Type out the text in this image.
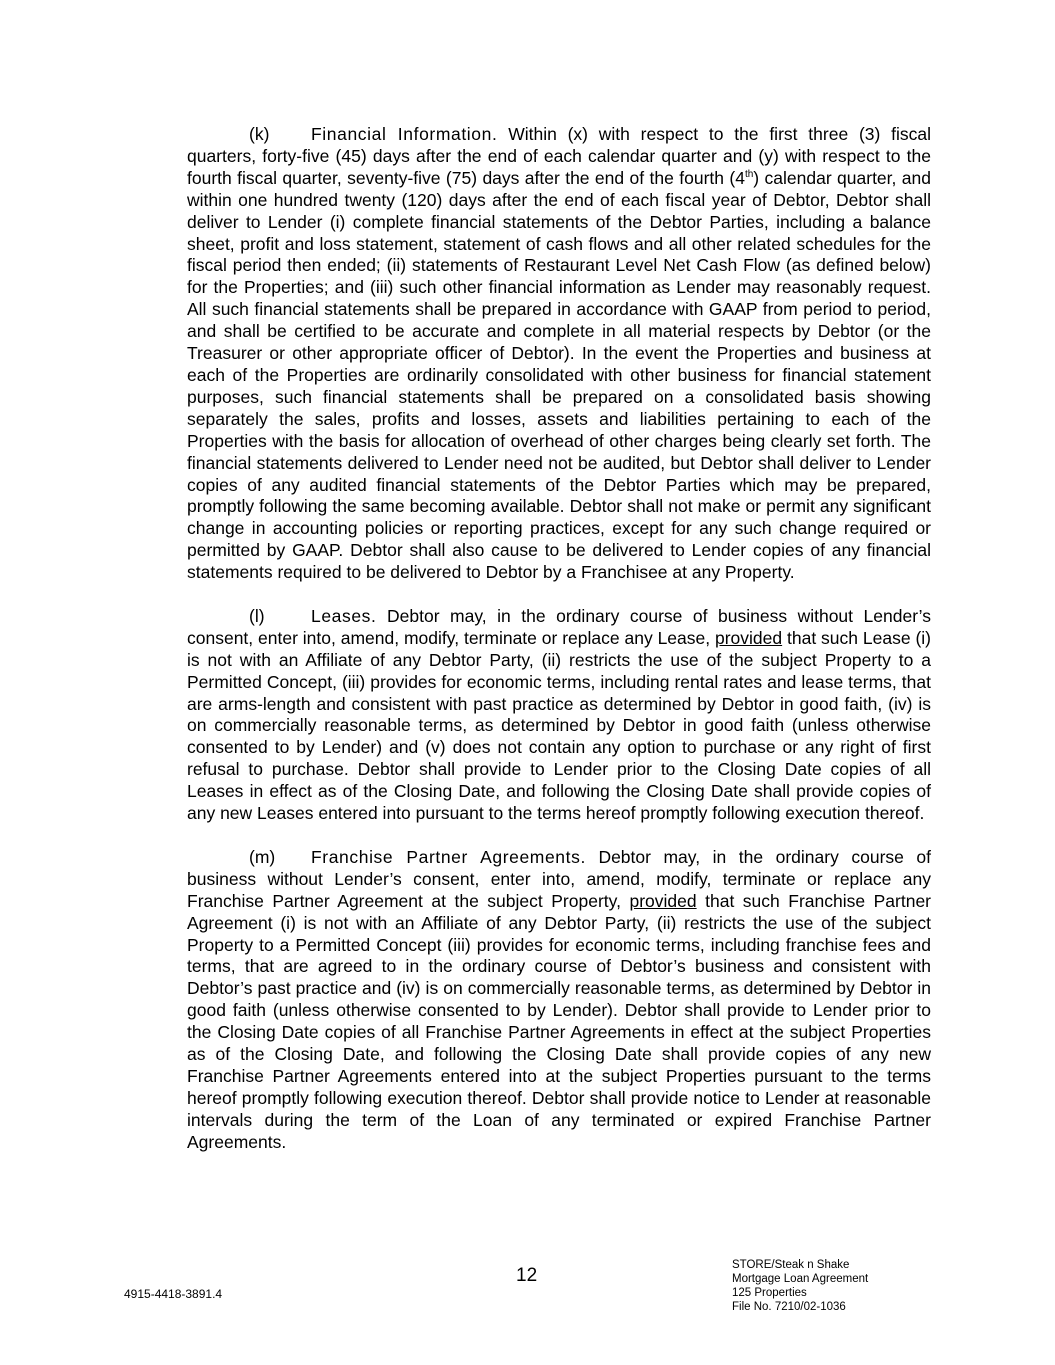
(k) Financial Information. Within (x) with respect to the first three (3) fiscal quarters, forty-five (45) days after the end of each calendar quarter and (y) with respect to the fourth fiscal quarter, seventy-five (75) days after the end of the fourth (4th) calendar quarter, and within one hundred twenty (120) days after the end of each fiscal year of Debtor, Debtor shall deliver to Lender (i) complete financial statements of the Debtor Parties, including a balance sheet, profit and loss statement, statement of cash flows and all other related schedules for the fiscal period then ended; (ii) statements of Restaurant Level Net Cash Flow (as defined below) for the Properties; and (iii) such other financial information as Lender may reasonably request. All such financial statements shall be prepared in accordance with GAAP from period to period, and shall be certified to be accurate and complete in all material respects by Debtor (or the Treasurer or other appropriate officer of Debtor). In the event the Properties and business at each of the Properties are ordinarily consolidated with other business for financial statement purposes, such financial statements shall be prepared on a consolidated basis showing separately the sales, profits and losses, assets and liabilities pertaining to each of the Properties with the basis for allocation of overhead of other charges being clearly set forth. The financial statements delivered to Lender need not be audited, but Debtor shall deliver to Lender copies of any audited financial statements of the Debtor Parties which may be prepared, promptly following the same becoming available. Debtor shall not make or permit any significant change in accounting policies or reporting practices, except for any such change required or permitted by GAAP. Debtor shall also cause to be delivered to Lender copies of any financial statements required to be delivered to Debtor by a Franchisee at any Property.

(l)	Leases. Debtor may, in the ordinary course of business without Lender’s consent, enter into, amend, modify, terminate or replace any Lease, provided that such Lease (i) is not with an Affiliate of any Debtor Party, (ii) restricts the use of the subject Property to a Permitted Concept, (iii) provides for economic terms, including rental rates and lease terms, that are arms-length and consistent with past practice as determined by Debtor in good faith, (iv) is on commercially reasonable terms, as determined by Debtor in good faith (unless otherwise consented to by Lender) and (v) does not contain any option to purchase or any right of first refusal to purchase. Debtor shall provide to Lender prior to the Closing Date copies of all Leases in effect as of the Closing Date, and following the Closing Date shall provide copies of any new Leases entered into pursuant to the terms hereof promptly following execution thereof.

(m) Franchise Partner Agreements. Debtor may, in the ordinary course of business without Lender’s consent, enter into, amend, modify, terminate or replace any Franchise Partner Agreement at the subject Property, provided that such Franchise Partner Agreement (i) is not with an Affiliate of any Debtor Party, (ii) restricts the use of the subject Property to a Permitted Concept (iii) provides for economic terms, including franchise fees and terms, that are agreed to in the ordinary course of Debtor’s business and consistent with Debtor’s past practice and (iv) is on commercially reasonable terms, as determined by Debtor in good faith (unless otherwise consented to by Lender). Debtor shall provide to Lender prior to the Closing Date copies of all Franchise Partner Agreements in effect at the subject Properties as of the Closing Date, and following the Closing Date shall provide copies of any new Franchise Partner Agreements entered into at the subject Properties pursuant to the terms hereof promptly following execution thereof. Debtor shall provide notice to Lender at reasonable intervals during the term of the Loan of any terminated or expired Franchise Partner Agreements.

12
4915-4418-3891.4
STORE/Steak n Shake
Mortgage Loan Agreement
125 Properties
File No. 7210/02-1036
